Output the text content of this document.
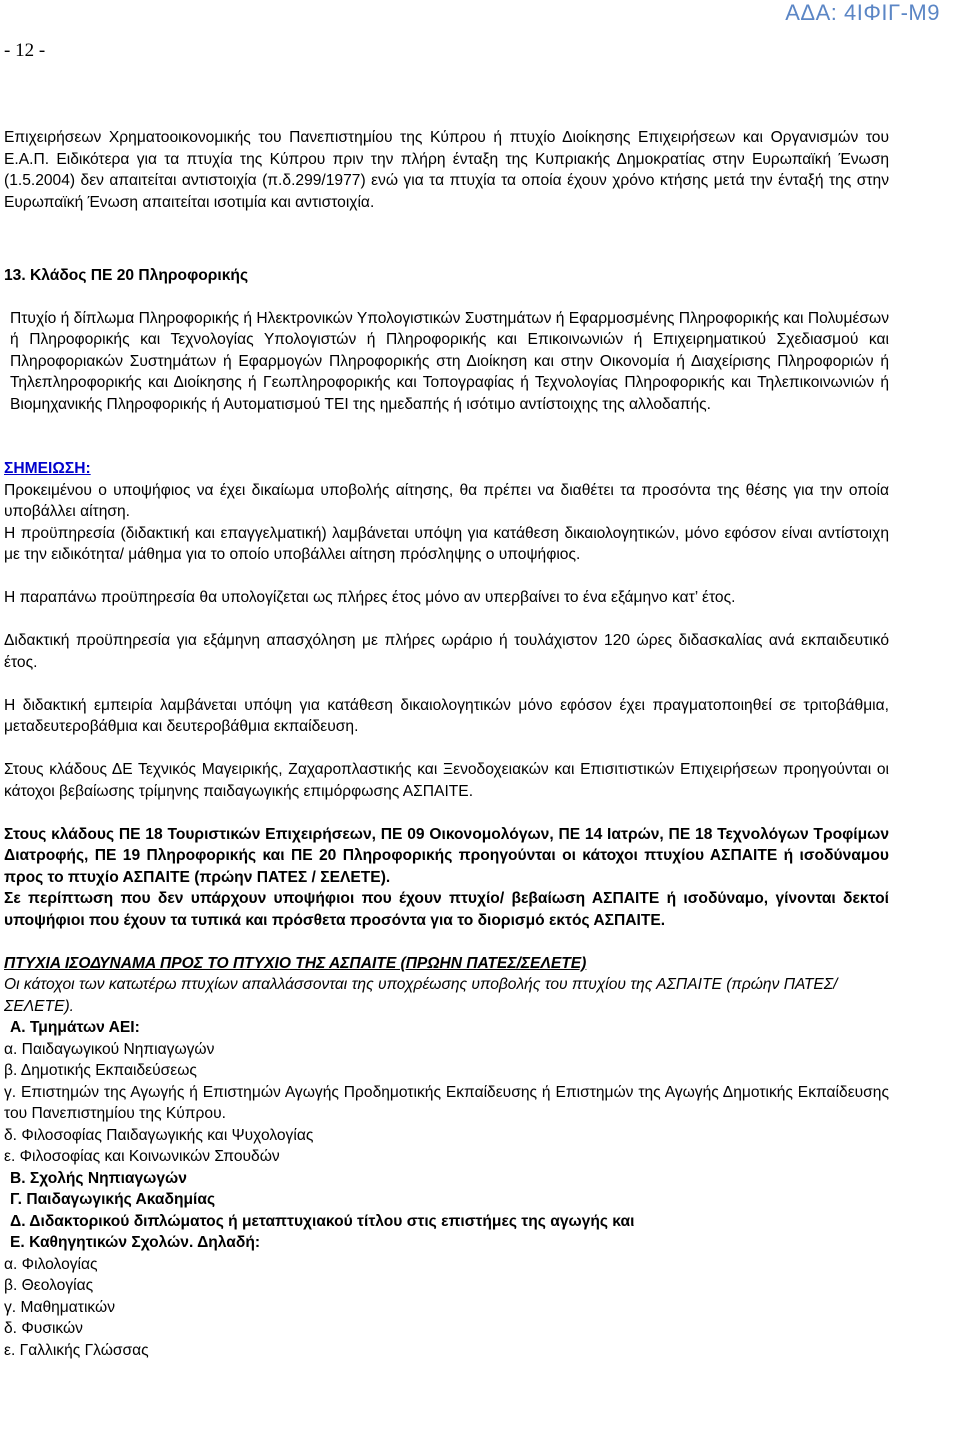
- 12 -
ΑΔΑ: 4ΙΦΙΓ-Μ9

Επιχειρήσεων Χρηματοοικονομικής του Πανεπιστημίου της Κύπρου ή πτυχίο Διοίκησης Επιχειρήσεων και Οργανισμών του Ε.Α.Π. Ειδικότερα για τα πτυχία της Κύπρου πριν την πλήρη ένταξη της Κυπριακής Δημοκρατίας στην Ευρωπαϊκή Ένωση (1.5.2004) δεν απαιτείται αντιστοιχία (π.δ.299/1977) ενώ για τα πτυχία τα οποία έχουν χρόνο κτήσης μετά την ένταξή της στην Ευρωπαϊκή Ένωση απαιτείται ισοτιμία και αντιστοιχία.

13. Κλάδος ΠΕ 20 Πληροφορικής

Πτυχίο ή δίπλωμα Πληροφορικής ή Ηλεκτρονικών Υπολογιστικών Συστημάτων ή Εφαρμοσμένης Πληροφορικής και Πολυμέσων ή Πληροφορικής και Τεχνολογίας Υπολογιστών ή Πληροφορικής και Επικοινωνιών ή Επιχειρηματικού Σχεδιασμού και Πληροφοριακών Συστημάτων ή Εφαρμογών Πληροφορικής στη Διοίκηση και στην Οικονομία ή Διαχείρισης Πληροφοριών ή Τηλεπληροφορικής και Διοίκησης ή Γεωπληροφορικής και Τοπογραφίας ή Τεχνολογίας Πληροφορικής και Τηλεπικοινωνιών ή Βιομηχανικής Πληροφορικής ή Αυτοματισμού ΤΕΙ της ημεδαπής ή ισότιμο αντίστοιχης της αλλοδαπής.

ΣΗΜΕΙΩΣΗ:

Προκειμένου ο υποψήφιος να έχει δικαίωμα υποβολής αίτησης, θα πρέπει να διαθέτει τα προσόντα της θέσης για την οποία υποβάλλει αίτηση.

Η προϋπηρεσία (διδακτική και επαγγελματική) λαμβάνεται υπόψη για κατάθεση δικαιολογητικών, μόνο εφόσον είναι αντίστοιχη με την ειδικότητα/ μάθημα για το οποίο υποβάλλει αίτηση πρόσληψης ο υποψήφιος.

Η παραπάνω προϋπηρεσία θα υπολογίζεται ως πλήρες έτος μόνο αν υπερβαίνει το ένα εξάμηνο κατ’ έτος.

Διδακτική προϋπηρεσία για εξάμηνη απασχόληση με πλήρες ωράριο ή τουλάχιστον 120 ώρες διδασκαλίας ανά εκπαιδευτικό έτος.

Η διδακτική εμπειρία λαμβάνεται υπόψη για κατάθεση δικαιολογητικών μόνο εφόσον έχει πραγματοποιηθεί σε τριτοβάθμια, μεταδευτεροβάθμια και δευτεροβάθμια εκπαίδευση.

Στους κλάδους ΔΕ Τεχνικός Μαγειρικής, Ζαχαροπλαστικής και Ξενοδοχειακών και Επισιτιστικών Επιχειρήσεων προηγούνται οι κάτοχοι βεβαίωσης τρίμηνης παιδαγωγικής επιμόρφωσης ΑΣΠΑΙΤΕ.

Στους κλάδους ΠΕ 18 Τουριστικών Επιχειρήσεων, ΠΕ 09 Οικονομολόγων, ΠΕ 14 Ιατρών, ΠΕ 18 Τεχνολόγων Τροφίμων Διατροφής, ΠΕ 19 Πληροφορικής και ΠΕ 20 Πληροφορικής προηγούνται οι κάτοχοι πτυχίου ΑΣΠΑΙΤΕ ή ισοδύναμου προς το πτυχίο ΑΣΠΑΙΤΕ (πρώην ΠΑΤΕΣ / ΣΕΛΕΤΕ).

Σε περίπτωση που δεν υπάρχουν υποψήφιοι που έχουν πτυχίο/ βεβαίωση ΑΣΠΑΙΤΕ ή ισοδύναμο, γίνονται δεκτοί υποψήφιοι που έχουν τα τυπικά και πρόσθετα προσόντα για το διορισμό εκτός ΑΣΠΑΙΤΕ.

ΠΤΥΧΙΑ ΙΣΟΔΥΝΑΜΑ ΠΡΟΣ ΤΟ ΠΤΥΧΙΟ ΤΗΣ ΑΣΠΑΙΤΕ (ΠΡΩΗΝ ΠΑΤΕΣ/ΣΕΛΕΤΕ)

Οι κάτοχοι των κατωτέρω πτυχίων απαλλάσσονται της υποχρέωσης υποβολής του πτυχίου της ΑΣΠΑΙΤΕ (πρώην ΠΑΤΕΣ/ΣΕΛΕΤΕ).

Α. Τμημάτων ΑΕΙ:

α. Παιδαγωγικού Νηπιαγωγών

β. Δημοτικής Εκπαιδεύσεως

γ. Επιστημών της Αγωγής ή Επιστημών Αγωγής Προδημοτικής Εκπαίδευσης ή Επιστημών της Αγωγής Δημοτικής Εκπαίδευσης του Πανεπιστημίου της Κύπρου.

δ. Φιλοσοφίας Παιδαγωγικής και Ψυχολογίας

ε. Φιλοσοφίας και Κοινωνικών Σπουδών

Β. Σχολής Νηπιαγωγών

Γ. Παιδαγωγικής Ακαδημίας

Δ. Διδακτορικού διπλώματος ή μεταπτυχιακού τίτλου στις επιστήμες της αγωγής και

Ε. Καθηγητικών Σχολών. Δηλαδή:

α. Φιλολογίας

β. Θεολογίας

γ. Μαθηματικών

δ. Φυσικών

ε. Γαλλικής Γλώσσας
